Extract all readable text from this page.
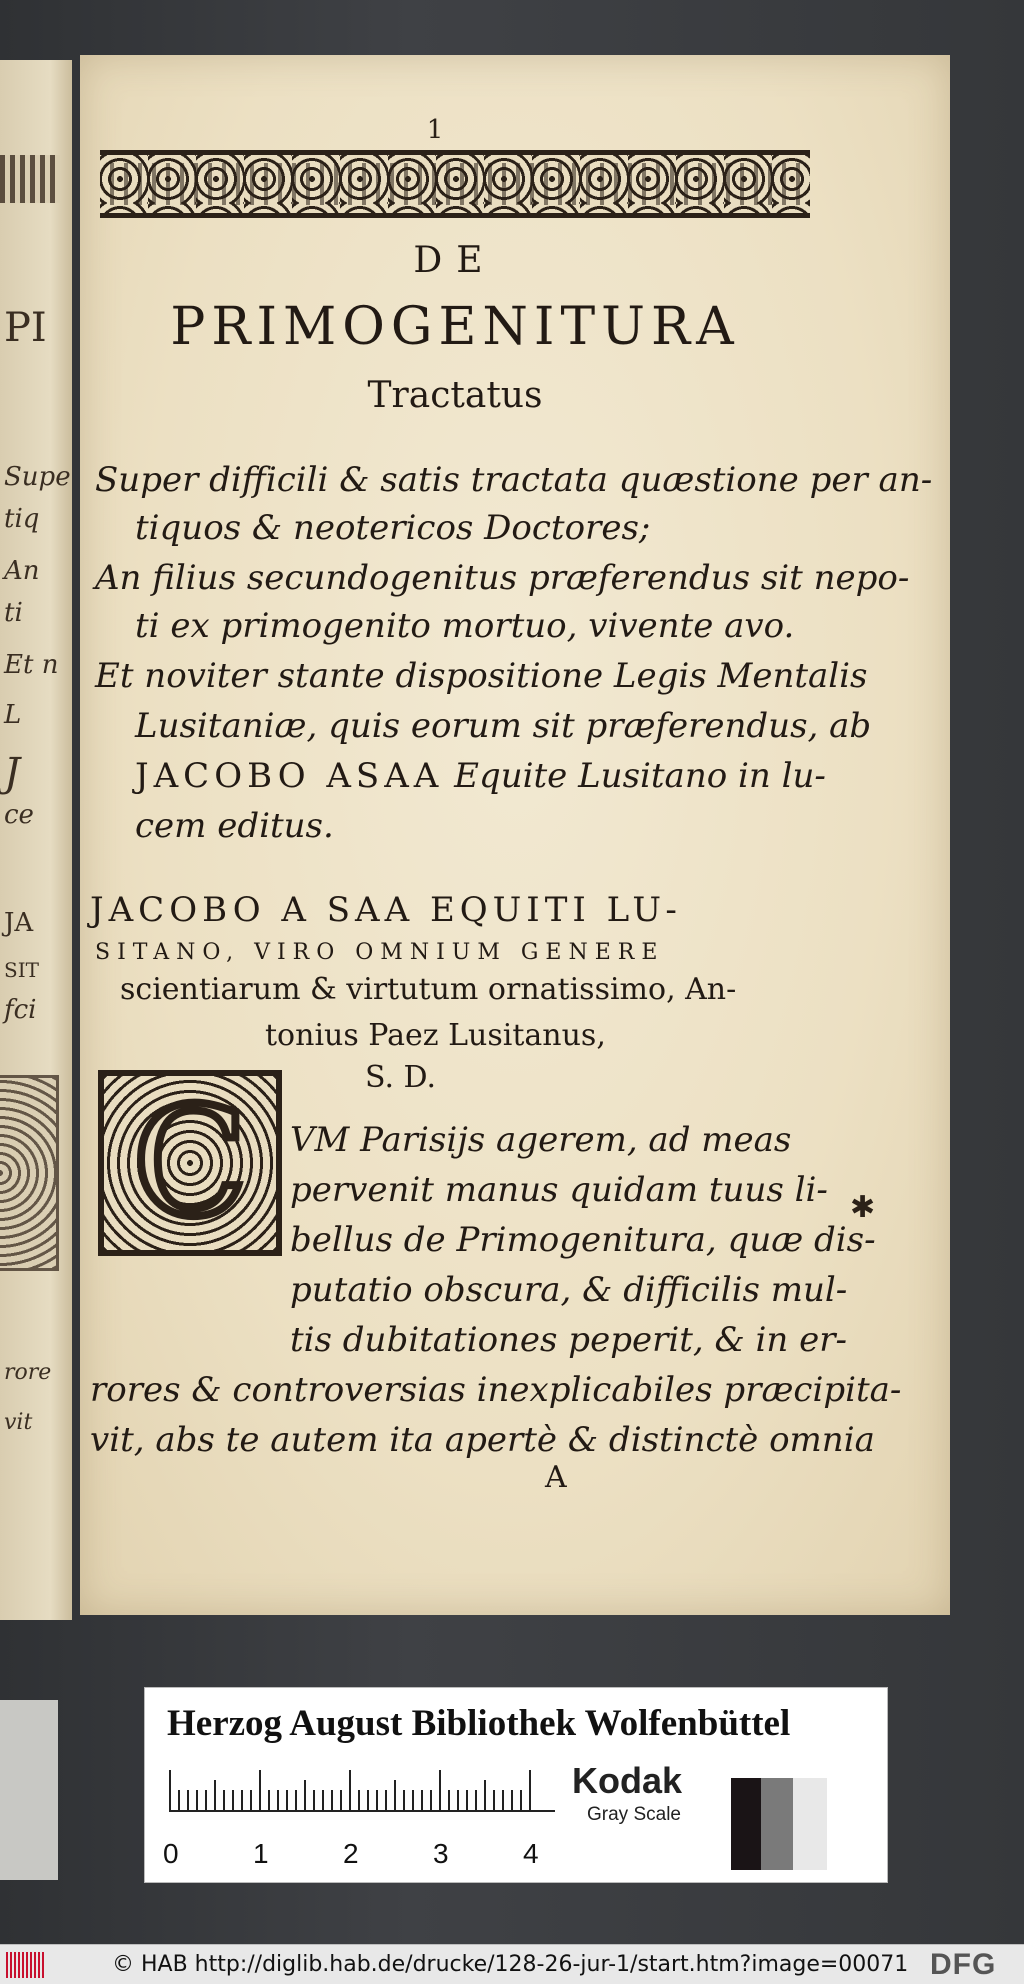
PI
Supe
tiq
An
ti
Et n
L
J
ce
JA
SIT
fci
rore
vit
1
DE
PRIMOGENITURA
Tractatus
Super difficili & satis tractata quæstione per an-
tiquos & neotericos Doctores;
An filius secundogenitus præferendus sit nepo-
ti ex primogenito mortuo, vivente avo.
Et noviter stante dispositione Legis Mentalis
Lusitaniæ, quis eorum sit præferendus, ab
JACOBO ASAA Equite Lusitano in lu-
cem editus.
JACOBO A SAA EQUITI LU-
SITANO, VIRO OMNIUM GENERE
scientiarum & virtutum ornatissimo, An-
tonius Paez Lusitanus,
S. D.
C VM Parisijs agerem, ad meas
pervenit manus quidam tuus li-
bellus de Primogenitura, quæ dis-
putatio obscura, & difficilis mul-
tis dubitationes peperit, & in er-
rores & controversias inexplicabiles præcipita-
vit, abs te autem ita apertè & distinctè omnia
A
✱
Herzog August Bibliothek Wolfenbüttel
0	1	2	3	4
Kodak
Gray Scale
© HAB http://diglib.hab.de/drucke/128-26-jur-1/start.htm?image=00071 DFG
